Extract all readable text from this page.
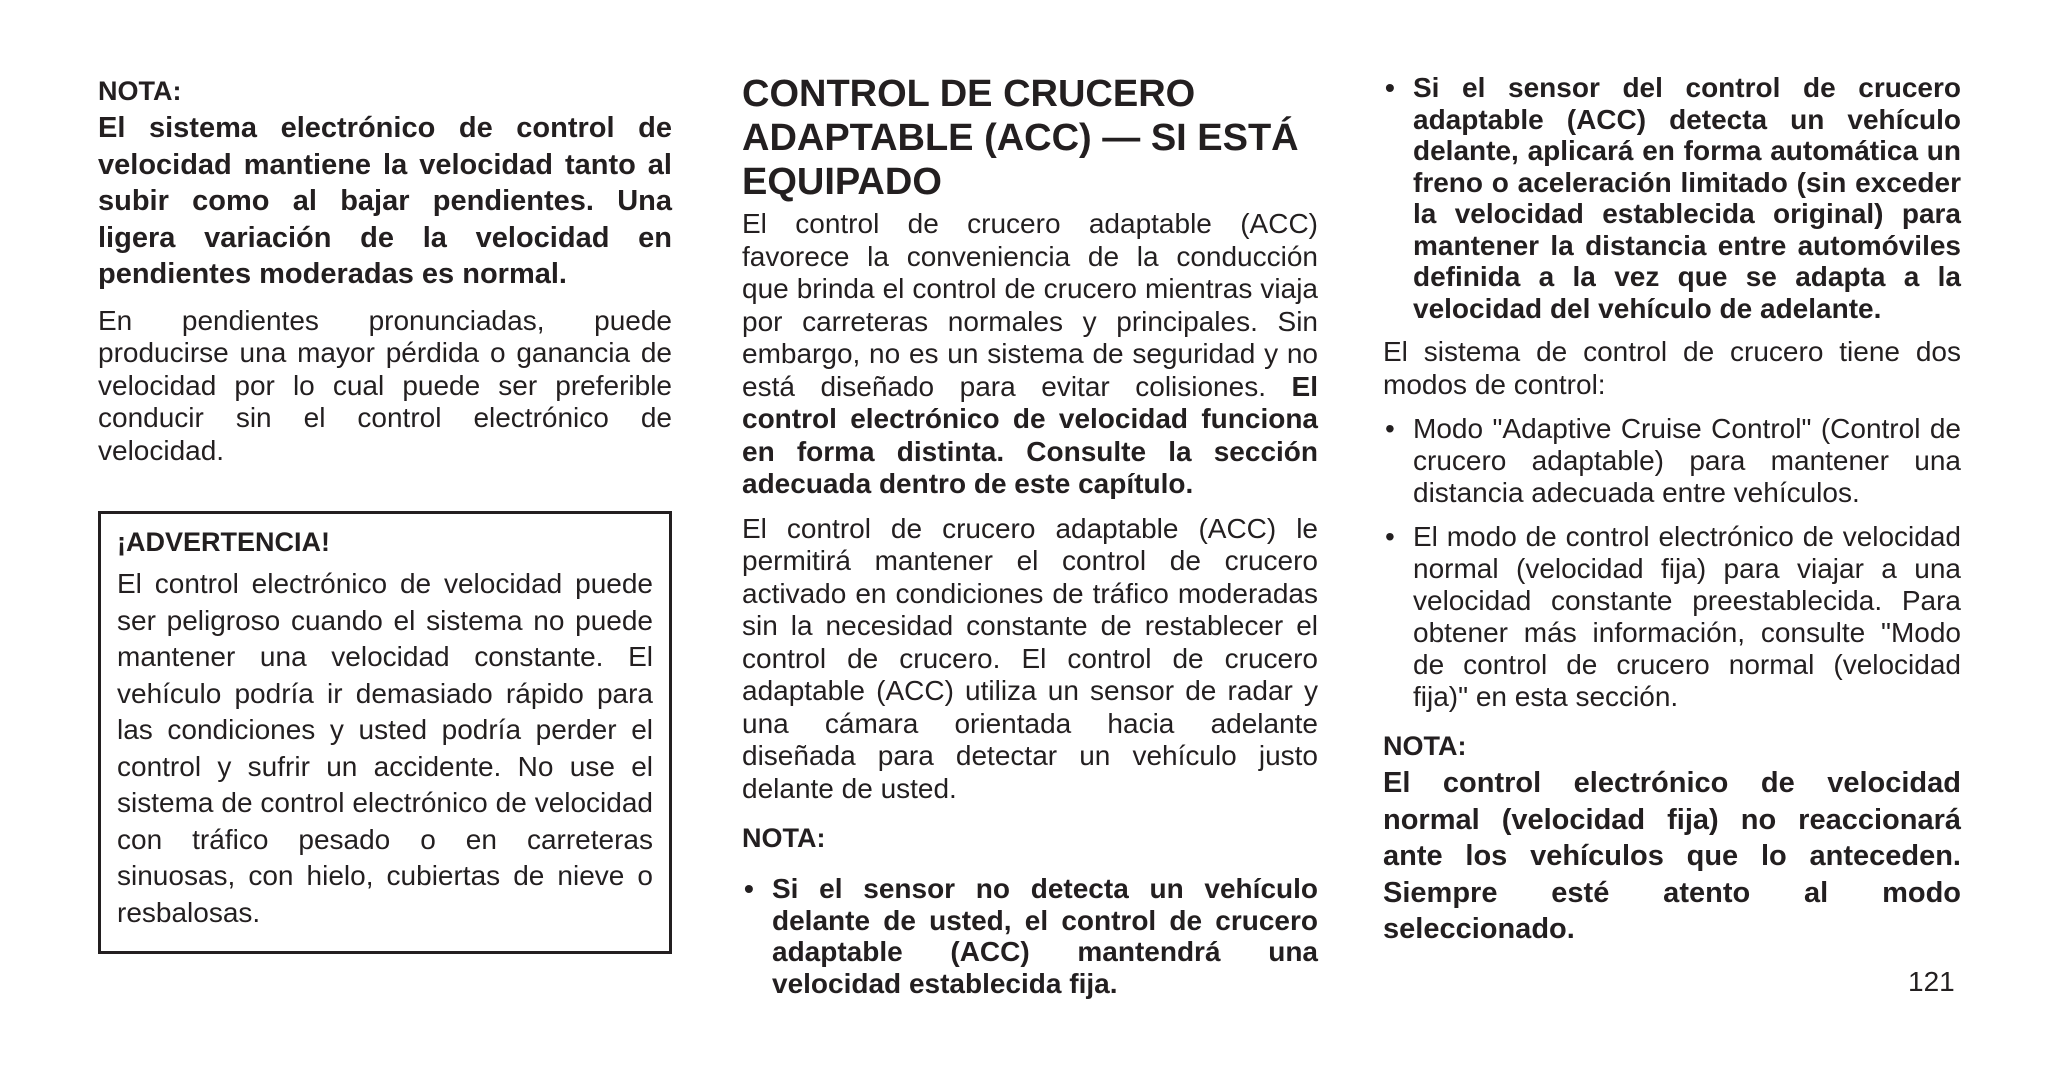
NOTA:

El sistema electrónico de control de velocidad mantiene la velocidad tanto al subir como al bajar pendientes. Una ligera variación de la velocidad en pendientes moderadas es normal.

En pendientes pronunciadas, puede producirse una mayor pérdida o ganancia de velocidad por lo cual puede ser preferible conducir sin el control electrónico de velocidad.

¡ADVERTENCIA!

El control electrónico de velocidad puede ser peligroso cuando el sistema no puede mantener una velocidad constante. El vehículo podría ir demasiado rápido para las condiciones y usted podría perder el control y sufrir un accidente. No use el sistema de control electrónico de velocidad con tráfico pesado o en carreteras sinuosas, con hielo, cubiertas de nieve o resbalosas.

CONTROL DE CRUCERO ADAPTABLE (ACC) — SI ESTÁ EQUIPADO

El control de crucero adaptable (ACC) favorece la conveniencia de la conducción que brinda el control de crucero mientras viaja por carreteras normales y principales. Sin embargo, no es un sistema de seguridad y no está diseñado para evitar colisiones. El control electrónico de velocidad funciona en forma distinta. Consulte la sección adecuada dentro de este capítulo.

El control de crucero adaptable (ACC) le permitirá mantener el control de crucero activado en condiciones de tráfico moderadas sin la necesidad constante de restablecer el control de crucero. El control de crucero adaptable (ACC) utiliza un sensor de radar y una cámara orientada hacia adelante diseñada para detectar un vehículo justo delante de usted.

NOTA:

• Si el sensor no detecta un vehículo delante de usted, el control de crucero adaptable (ACC) mantendrá una velocidad establecida fija.
• Si el sensor del control de crucero adaptable (ACC) detecta un vehículo delante, aplicará en forma automática un freno o aceleración limitado (sin exceder la velocidad establecida original) para mantener la distancia entre automóviles definida a la vez que se adapta a la velocidad del vehículo de adelante.

El sistema de control de crucero tiene dos modos de control:

• Modo "Adaptive Cruise Control" (Control de crucero adaptable) para mantener una distancia adecuada entre vehículos.
• El modo de control electrónico de velocidad normal (velocidad fija) para viajar a una velocidad constante preestablecida. Para obtener más información, consulte "Modo de control de crucero normal (velocidad fija)" en esta sección.

NOTA:

El control electrónico de velocidad normal (velocidad fija) no reaccionará ante los vehículos que lo anteceden. Siempre esté atento al modo seleccionado.

121
